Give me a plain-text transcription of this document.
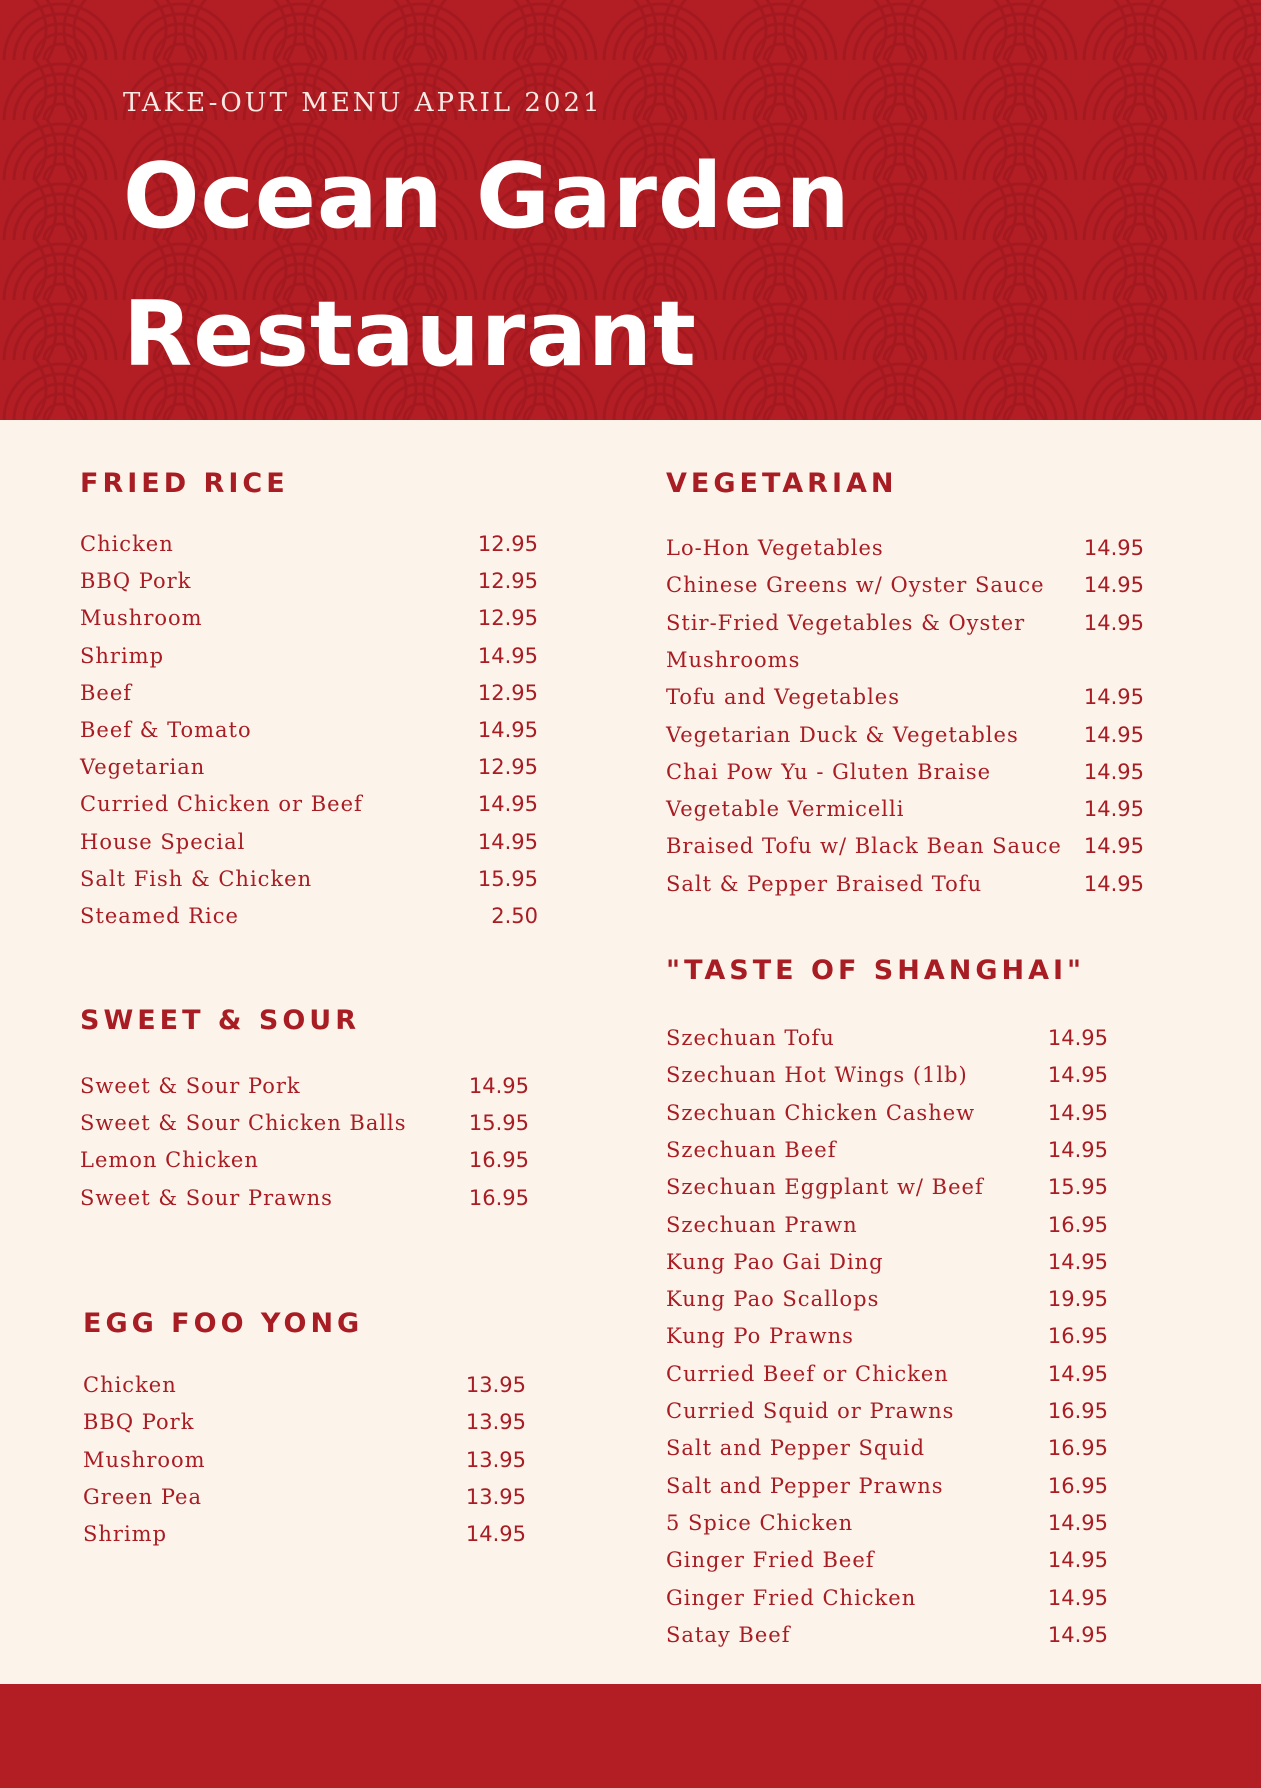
TAKE-OUT MENU APRIL 2021
Ocean Garden
Restaurant
FRIED RICE
Chicken	12.95
BBQ Pork	12.95
Mushroom	12.95
Shrimp	14.95
Beef	12.95
Beef & Tomato	14.95
Vegetarian	12.95
Curried Chicken or Beef	14.95
House Special	14.95
Salt Fish & Chicken	15.95
Steamed Rice	2.50
SWEET & SOUR
Sweet & Sour Pork	14.95
Sweet & Sour Chicken Balls	15.95
Lemon Chicken	16.95
Sweet & Sour Prawns	16.95
EGG FOO YONG
Chicken	13.95
BBQ Pork	13.95
Mushroom	13.95
Green Pea	13.95
Shrimp	14.95
VEGETARIAN
Lo-Hon Vegetables	14.95
Chinese Greens w/ Oyster Sauce 14.95
Stir-Fried Vegetables & Oyster	14.95
Mushrooms
Tofu and Vegetables	14.95
Vegetarian Duck & Vegetables	14.95
Chai Pow Yu - Gluten Braise	14.95
Vegetable Vermicelli	14.95
Braised Tofu w/ Black Bean Sauce 14.95
Salt & Pepper Braised Tofu	14.95
"TASTE OF SHANGHAI"
Szechuan Tofu	14.95
Szechuan Hot Wings (1lb)	14.95
Szechuan Chicken Cashew	14.95
Szechuan Beef	14.95
Szechuan Eggplant w/ Beef	15.95
Szechuan Prawn	16.95
Kung Pao Gai Ding	14.95
Kung Pao Scallops	19.95
Kung Po Prawns	16.95
Curried Beef or Chicken	14.95
Curried Squid or Prawns	16.95
Salt and Pepper Squid	16.95
Salt and Pepper Prawns	16.95
5 Spice Chicken	14.95
Ginger Fried Beef	14.95
Ginger Fried Chicken	14.95
Satay Beef	14.95
